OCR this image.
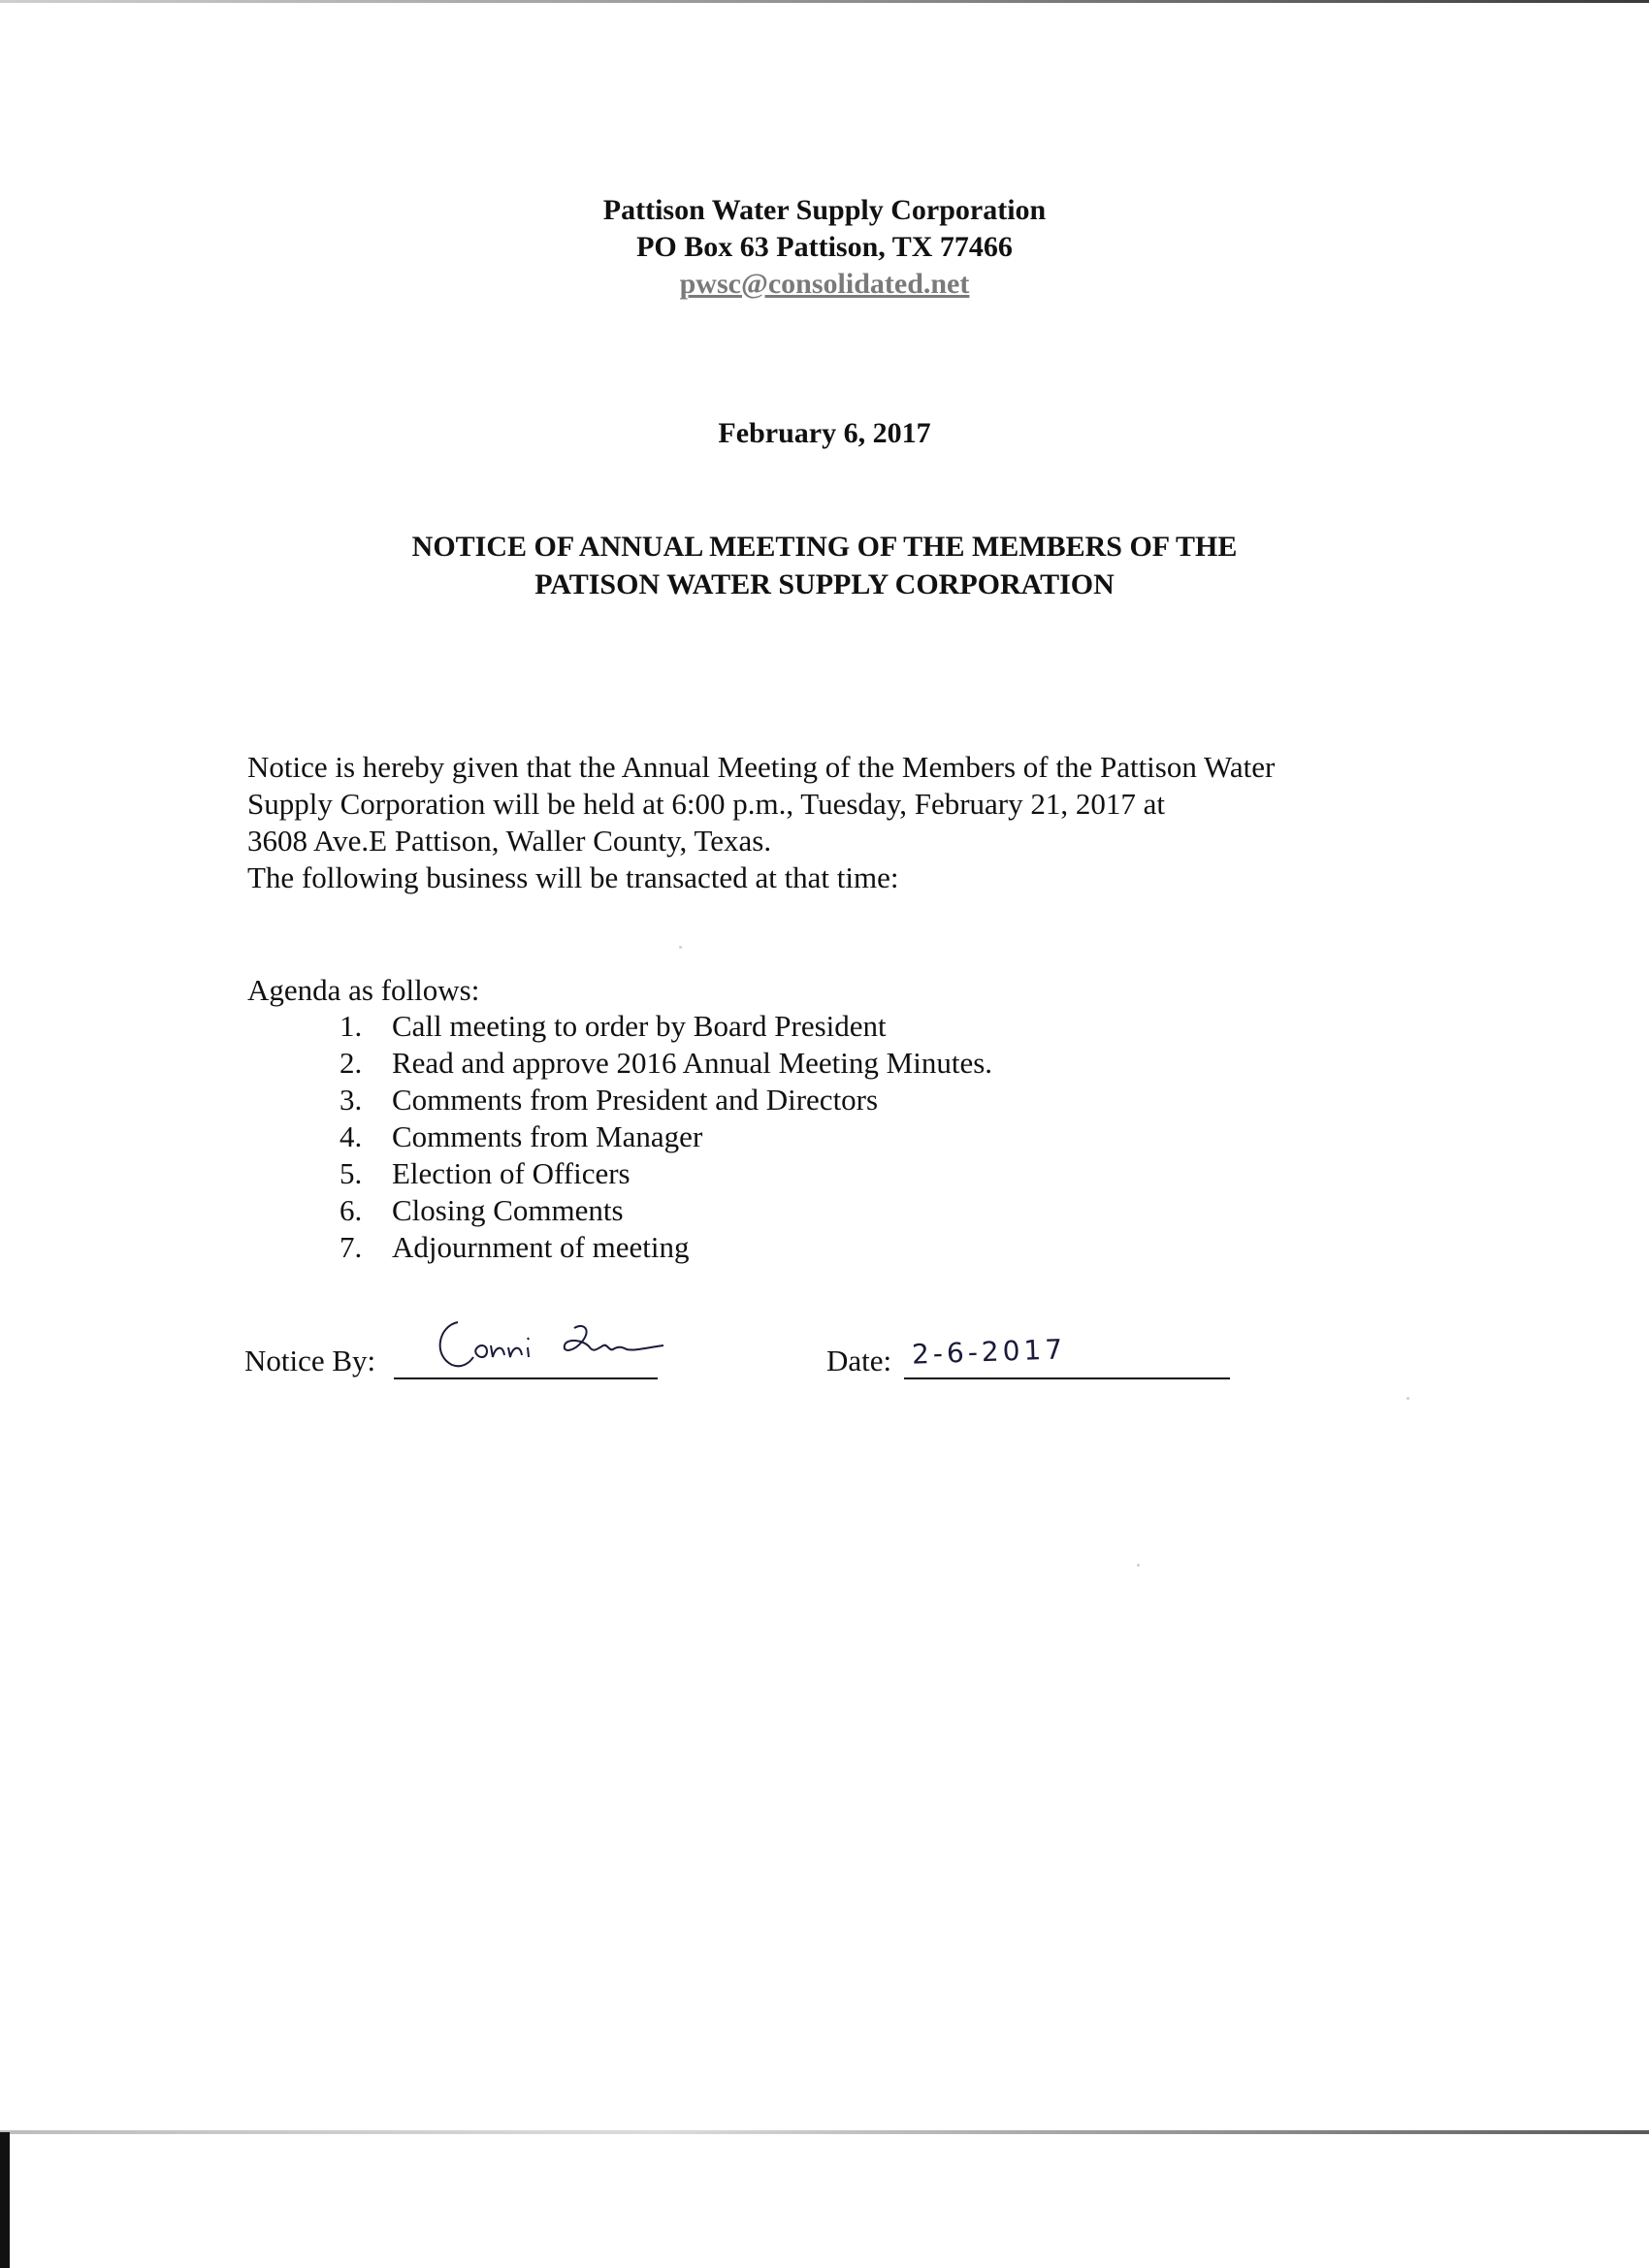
Pattison Water Supply Corporation
PO Box 63 Pattison, TX 77466
pwsc@consolidated.net
February 6, 2017
NOTICE OF ANNUAL MEETING OF THE MEMBERS OF THE
PATISON WATER SUPPLY CORPORATION
Notice is hereby given that the Annual Meeting of the Members of the Pattison Water
Supply Corporation will be held at 6:00 p.m., Tuesday, February 21, 2017 at
3608 Ave.E Pattison, Waller County, Texas.
The following business will be transacted at that time:
Agenda as follows:
1. Call meeting to order by Board President
2. Read and approve 2016 Annual Meeting Minutes.
3. Comments from President and Directors
4. Comments from Manager
5. Election of Officers
6. Closing Comments
7. Adjournment of meeting
Notice By:	Date: 2-6-2017
